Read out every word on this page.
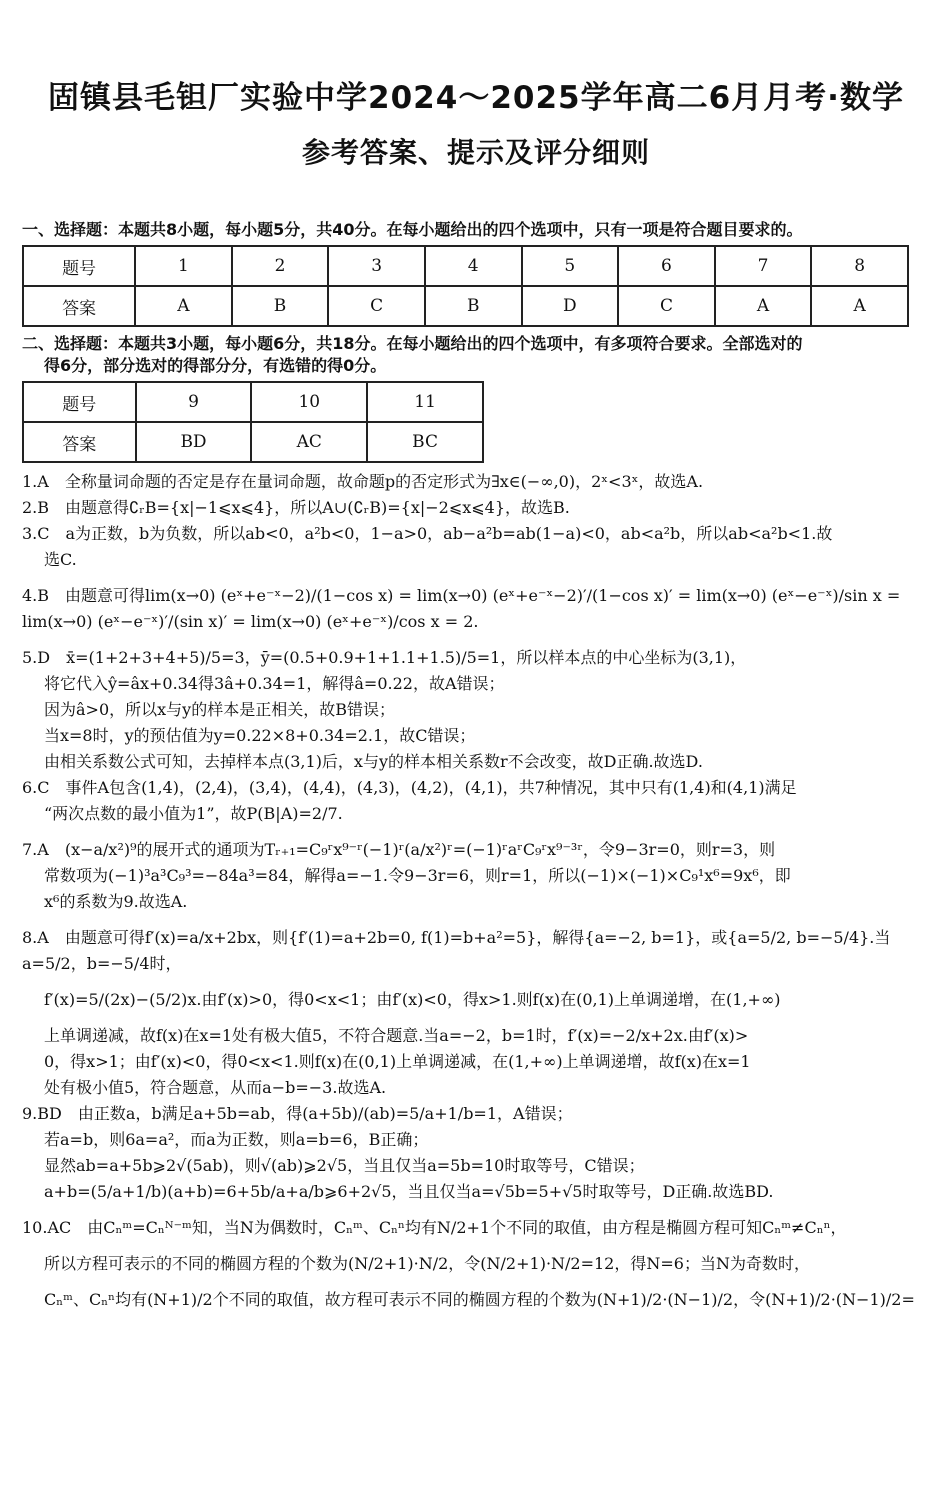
固镇县毛钽厂实验中学2024～2025学年高二6月月考·数学
参考答案、提示及评分细则
一、选择题：本题共8小题，每小题5分，共40分。在每小题给出的四个选项中，只有一项是符合题目要求的。
题号	1	2	3	4	5	6	7	8
答案	A	B	C	B	D	C	A	A
二、选择题：本题共3小题，每小题6分，共18分。在每小题给出的四个选项中，有多项符合要求。全部选对的
得6分，部分选对的得部分分，有选错的得0分。
题号	9	10	11
答案	BD	AC	BC

1.A　全称量词命题的否定是存在量词命题，故命题p的否定形式为∃x∈(−∞,0)，2ˣ<3ˣ，故选A.

2.B　由题意得∁ᵣB={x|−1⩽x⩽4}，所以A∪(∁ᵣB)={x|−2⩽x⩽4}，故选B.

3.C　a为正数，b为负数，所以ab<0，a²b<0，1−a>0，ab−a²b=ab(1−a)<0，ab<a²b，所以ab<a²b<1.故

选C.

4.B　由题意可得lim(x→0) (eˣ+e⁻ˣ−2)/(1−cos x) = lim(x→0) (eˣ+e⁻ˣ−2)′/(1−cos x)′ = lim(x→0) (eˣ−e⁻ˣ)/sin x = lim(x→0) (eˣ−e⁻ˣ)′/(sin x)′ = lim(x→0) (eˣ+e⁻ˣ)/cos x = 2.

5.D　x̄=(1+2+3+4+5)/5=3，ȳ=(0.5+0.9+1+1.1+1.5)/5=1，所以样本点的中心坐标为(3,1)，

将它代入ŷ=âx+0.34得3â+0.34=1，解得â=0.22，故A错误；

因为â>0，所以x与y的样本是正相关，故B错误；

当x=8时，y的预估值为y=0.22×8+0.34=2.1，故C错误；

由相关系数公式可知，去掉样本点(3,1)后，x与y的样本相关系数r不会改变，故D正确.故选D.

6.C　事件A包含(1,4)，(2,4)，(3,4)，(4,4)，(4,3)，(4,2)，(4,1)，共7种情况，其中只有(1,4)和(4,1)满足

“两次点数的最小值为1”，故P(B|A)=2/7.

7.A　(x−a/x²)⁹的展开式的通项为Tᵣ₊₁=C₉ʳx⁹⁻ʳ(−1)ʳ(a/x²)ʳ=(−1)ʳaʳC₉ʳx⁹⁻³ʳ，令9−3r=0，则r=3，则

常数项为(−1)³a³C₉³=−84a³=84，解得a=−1.令9−3r=6，则r=1，所以(−1)×(−1)×C₉¹x⁶=9x⁶，即

x⁶的系数为9.故选A.

8.A　由题意可得f′(x)=a/x+2bx，则{f′(1)=a+2b=0, f(1)=b+a²=5}，解得{a=−2, b=1}，或{a=5/2, b=−5/4}.当a=5/2，b=−5/4时，

f′(x)=5/(2x)−(5/2)x.由f′(x)>0，得0<x<1；由f′(x)<0，得x>1.则f(x)在(0,1)上单调递增，在(1,+∞)

上单调递减，故f(x)在x=1处有极大值5，不符合题意.当a=−2，b=1时，f′(x)=−2/x+2x.由f′(x)>

0，得x>1；由f′(x)<0，得0<x<1.则f(x)在(0,1)上单调递减，在(1,+∞)上单调递增，故f(x)在x=1

处有极小值5，符合题意，从而a−b=−3.故选A.

9.BD　由正数a，b满足a+5b=ab，得(a+5b)/(ab)=5/a+1/b=1，A错误；

若a=b，则6a=a²，而a为正数，则a=b=6，B正确；

显然ab=a+5b⩾2√(5ab)，则√(ab)⩾2√5，当且仅当a=5b=10时取等号，C错误；

a+b=(5/a+1/b)(a+b)=6+5b/a+a/b⩾6+2√5，当且仅当a=√5b=5+√5时取等号，D正确.故选BD.

10.AC　由Cₙᵐ=Cₙᴺ⁻ᵐ知，当N为偶数时，Cₙᵐ、Cₙⁿ均有N/2+1个不同的取值，由方程是椭圆方程可知Cₙᵐ≠Cₙⁿ，

所以方程可表示的不同的椭圆方程的个数为(N/2+1)·N/2，令(N/2+1)·N/2=12，得N=6；当N为奇数时，

Cₙᵐ、Cₙⁿ均有(N+1)/2个不同的取值，故方程可表示不同的椭圆方程的个数为(N+1)/2·(N−1)/2，令(N+1)/2·(N−1)/2=
